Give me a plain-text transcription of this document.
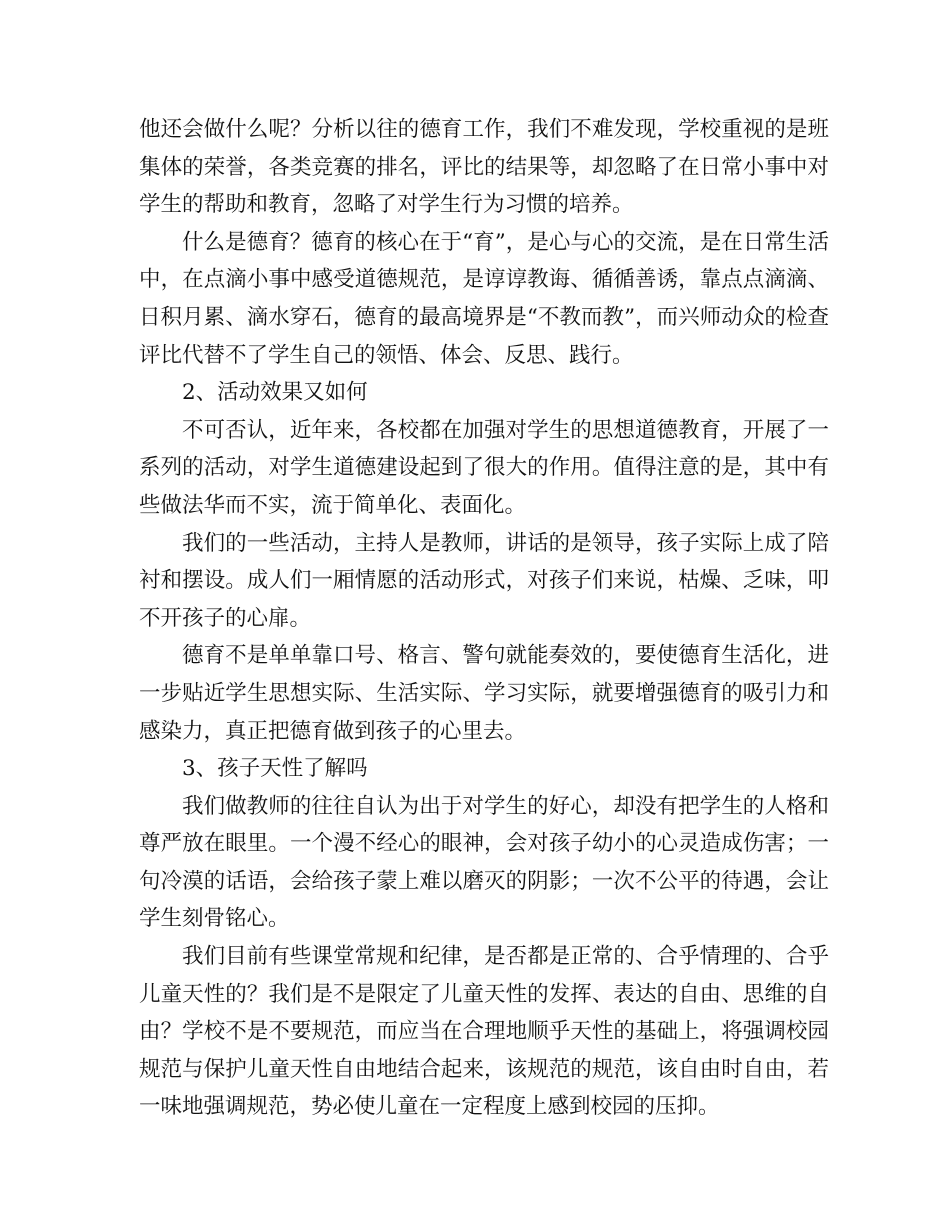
他还会做什么呢？分析以往的德育工作，我们不难发现，学校重视的是班集体的荣誉，各类竞赛的排名，评比的结果等，却忽略了在日常小事中对学生的帮助和教育，忽略了对学生行为习惯的培养。

什么是德育？德育的核心在于“育”，是心与心的交流，是在日常生活中，在点滴小事中感受道德规范，是谆谆教诲、循循善诱，靠点点滴滴、日积月累、滴水穿石，德育的最高境界是“不教而教”，而兴师动众的检查评比代替不了学生自己的领悟、体会、反思、践行。

2、活动效果又如何

不可否认，近年来，各校都在加强对学生的思想道德教育，开展了一系列的活动，对学生道德建设起到了很大的作用。值得注意的是，其中有些做法华而不实，流于简单化、表面化。

我们的一些活动，主持人是教师，讲话的是领导，孩子实际上成了陪衬和摆设。成人们一厢情愿的活动形式，对孩子们来说，枯燥、乏味，叩不开孩子的心扉。

德育不是单单靠口号、格言、警句就能奏效的，要使德育生活化，进一步贴近学生思想实际、生活实际、学习实际，就要增强德育的吸引力和感染力，真正把德育做到孩子的心里去。

3、孩子天性了解吗

我们做教师的往往自认为出于对学生的好心，却没有把学生的人格和尊严放在眼里。一个漫不经心的眼神，会对孩子幼小的心灵造成伤害；一句冷漠的话语，会给孩子蒙上难以磨灭的阴影；一次不公平的待遇，会让学生刻骨铭心。

我们目前有些课堂常规和纪律，是否都是正常的、合乎情理的、合乎儿童天性的？我们是不是限定了儿童天性的发挥、表达的自由、思维的自由？学校不是不要规范，而应当在合理地顺乎天性的基础上，将强调校园规范与保护儿童天性自由地结合起来，该规范的规范，该自由时自由，若一味地强调规范，势必使儿童在一定程度上感到校园的压抑。
